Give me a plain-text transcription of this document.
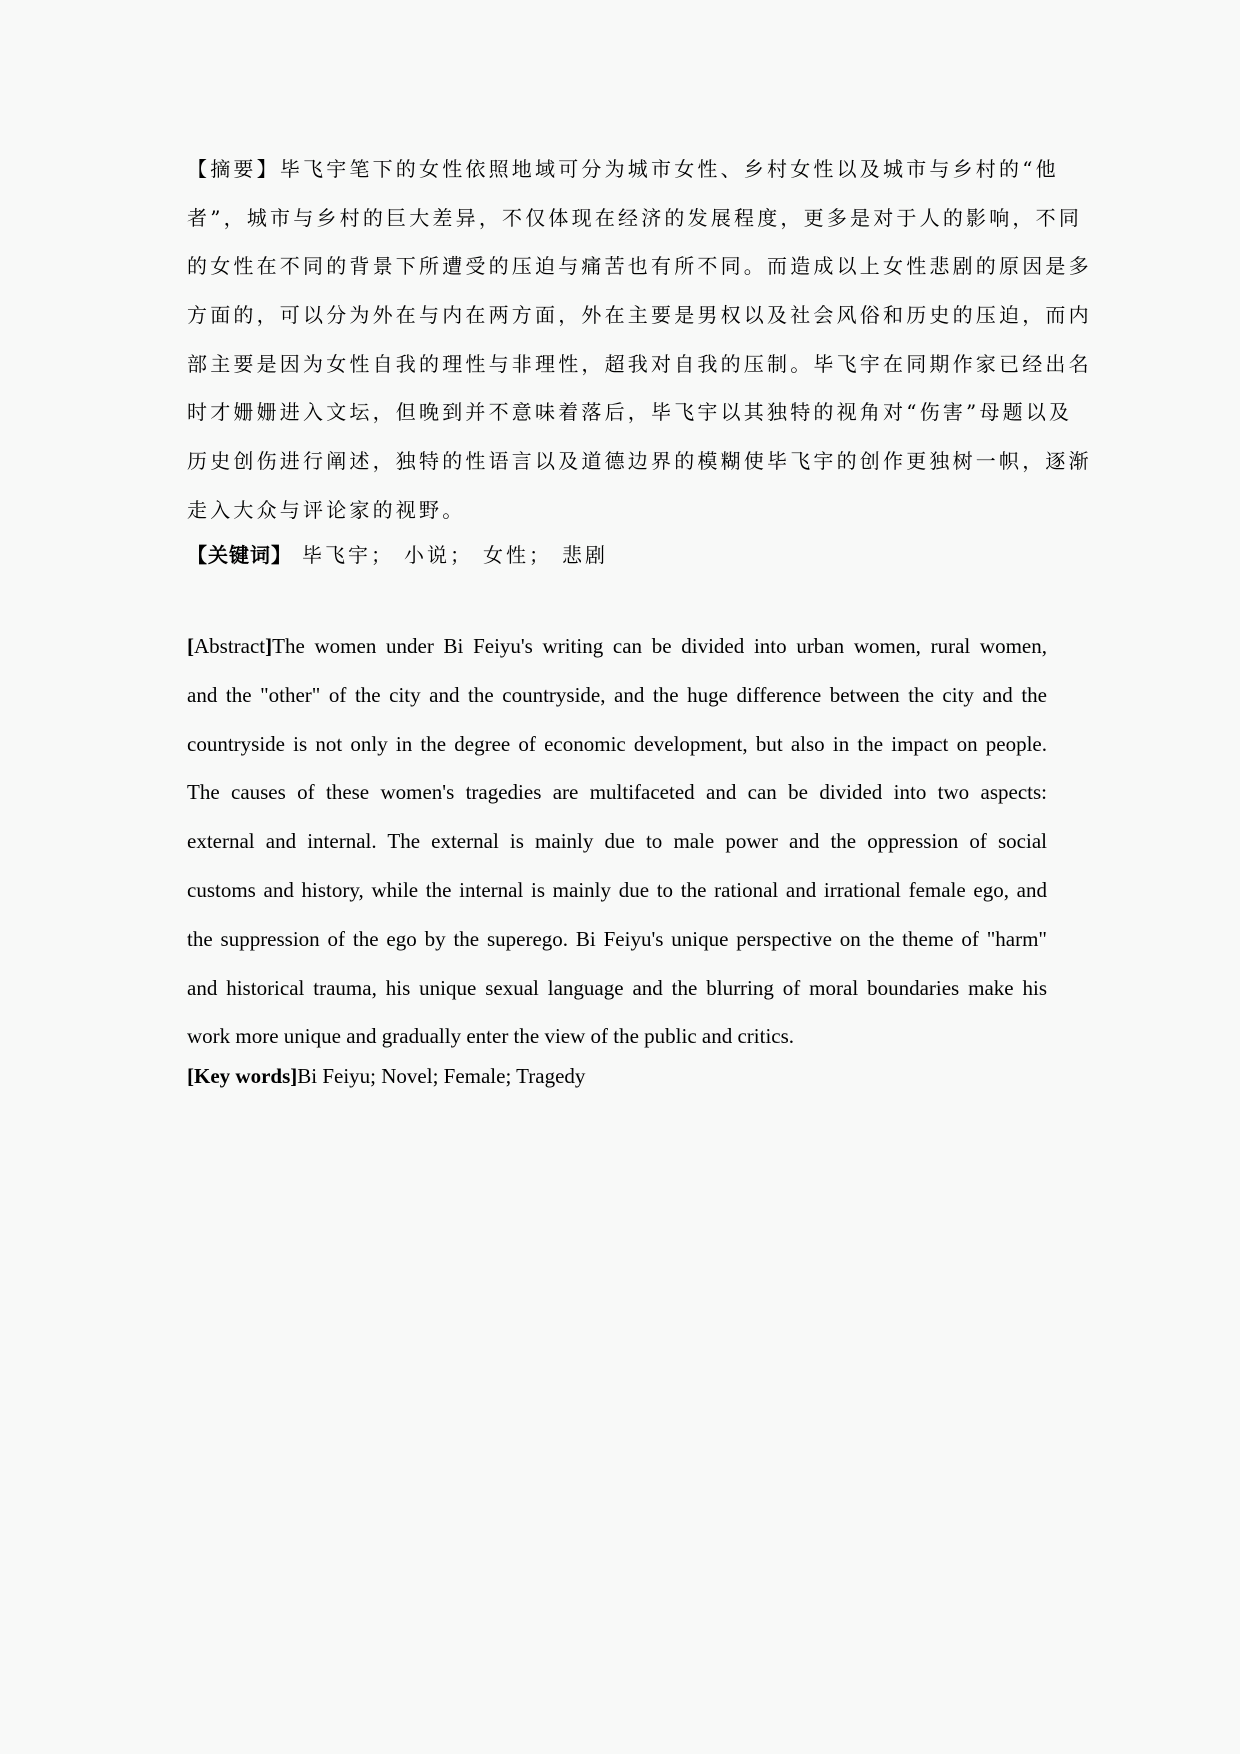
【摘要】毕飞宇笔下的女性依照地域可分为城市女性、乡村女性以及城市与乡村的“他
者”，城市与乡村的巨大差异，不仅体现在经济的发展程度，更多是对于人的影响，不同
的女性在不同的背景下所遭受的压迫与痛苦也有所不同。而造成以上女性悲剧的原因是多
方面的，可以分为外在与内在两方面，外在主要是男权以及社会风俗和历史的压迫，而内
部主要是因为女性自我的理性与非理性，超我对自我的压制。毕飞宇在同期作家已经出名
时才姗姗进入文坛，但晚到并不意味着落后，毕飞宇以其独特的视角对“伤害”母题以及
历史创伤进行阐述，独特的性语言以及道德边界的模糊使毕飞宇的创作更独树一帜，逐渐
走入大众与评论家的视野。
【关键词】 毕飞宇； 小说； 女性； 悲剧
[Abstract]The women under Bi Feiyu's writing can be divided into urban women, rural women,
and the "other" of the city and the countryside, and the huge difference between the city and the
countryside is not only in the degree of economic development, but also in the impact on people.
The causes of these women's tragedies are multifaceted and can be divided into two aspects:
external and internal. The external is mainly due to male power and the oppression of social
customs and history, while the internal is mainly due to the rational and irrational female ego, and
the suppression of the ego by the superego. Bi Feiyu's unique perspective on the theme of "harm"
and historical trauma, his unique sexual language and the blurring of moral boundaries make his
work more unique and gradually enter the view of the public and critics.
[Key words]Bi Feiyu; Novel; Female; Tragedy
